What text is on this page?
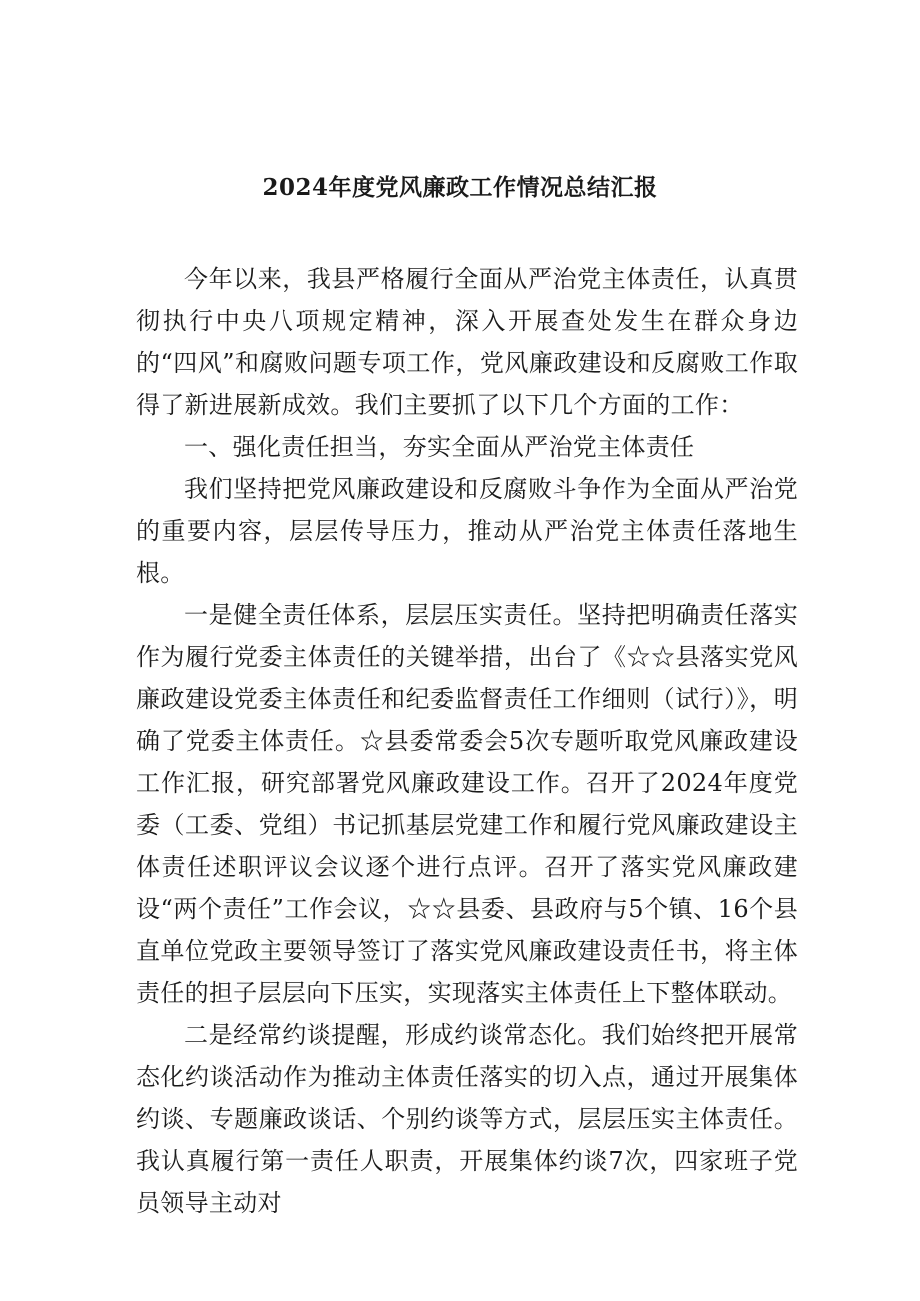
2024年度党风廉政工作情况总结汇报

今年以来，我县严格履行全面从严治党主体责任，认真贯彻执行中央八项规定精神，深入开展查处发生在群众身边的“四风”和腐败问题专项工作，党风廉政建设和反腐败工作取得了新进展新成效。我们主要抓了以下几个方面的工作：

一、强化责任担当，夯实全面从严治党主体责任

我们坚持把党风廉政建设和反腐败斗争作为全面从严治党的重要内容，层层传导压力，推动从严治党主体责任落地生根。

一是健全责任体系，层层压实责任。坚持把明确责任落实作为履行党委主体责任的关键举措，出台了《☆☆县落实党风廉政建设党委主体责任和纪委监督责任工作细则（试行）》，明确了党委主体责任。☆县委常委会5次专题听取党风廉政建设工作汇报，研究部署党风廉政建设工作。召开了2024年度党委（工委、党组）书记抓基层党建工作和履行党风廉政建设主体责任述职评议会议逐个进行点评。召开了落实党风廉政建设“两个责任”工作会议，☆☆县委、县政府与5个镇、16个县直单位党政主要领导签订了落实党风廉政建设责任书，将主体责任的担子层层向下压实，实现落实主体责任上下整体联动。

二是经常约谈提醒，形成约谈常态化。我们始终把开展常态化约谈活动作为推动主体责任落实的切入点，通过开展集体约谈、专题廉政谈话、个别约谈等方式，层层压实主体责任。我认真履行第一责任人职责，开展集体约谈7次，四家班子党员领导主动对
